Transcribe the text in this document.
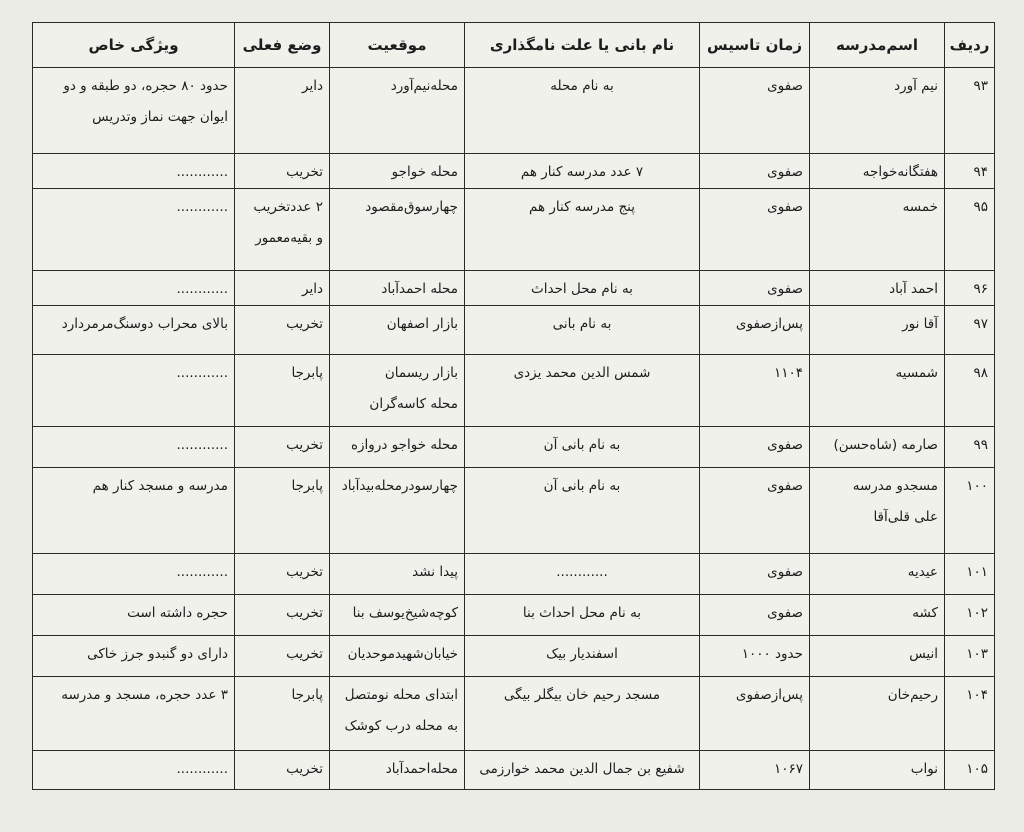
ردیف	اسم‌مدرسه	زمان تاسیس	نام بانی یا علت نامگذاری	موقعیت	وضع فعلی	ویژگی خاص
۹۳	نیم آورد	صفوی	به نام محله	محله‌نیم‌آورد	دایر	حدود ۸۰ حجره، دو طبقه و دو
ایوان جهت نماز وتدریس
۹۴	هفتگانه‌خواجه	صفوی	۷ عدد مدرسه کنار هم	محله خواجو	تخریب	............
۹۵	خمسه	صفوی	پنج مدرسه کنار هم	چهارسوق‌مقصود	۲ عدد‌تخریب
و بقیه‌معمور	............
۹۶	احمد آباد	صفوی	به نام محل احداث	محله احمدآباد	دایر	............
۹۷	آقا نور	پس‌ازصفوی	به نام بانی	بازار اصفهان	تخریب	بالای محراب دوسنگ‌مرمردارد
۹۸	شمسیه	۱۱۰۴	شمس الدین محمد یزدی	بازار ریسمان
محله کاسه‌گران	پابرجا	............
۹۹	صارمه (شاه‌حسن)	صفوی	به نام بانی آن	محله خواجو دروازه	تخریب	............
۱۰۰	مسجدو مدرسه
علی قلی‌آقا	صفوی	به نام بانی آن	چهارسودرمحله‌بیدآباد	پابرجا	مدرسه و مسجد کنار هم
۱۰۱	عیدیه	صفوی	............	پیدا نشد	تخریب	............
۱۰۲	کشه	صفوی	به نام محل احداث بنا	کوچه‌شیخ‌یوسف بنا	تخریب	حجره داشته است
۱۰۳	انیس	حدود ۱۰۰۰	اسفندیار بیک	خیابان‌شهیدموحدیان	تخریب	دارای دو گنبدو جرز خاکی
۱۰۴	رحیم‌خان	پس‌ازصفوی	مسجد رحیم خان بیگلر بیگی	ابتدای محله نومتصل
به محله درب کوشک	پابرجا	۳ عدد حجره، مسجد و مدرسه
۱۰۵	نواب	۱۰۶۷	شفیع بن جمال الدین محمد خوارزمی	محله‌احمدآباد	تخریب	............
